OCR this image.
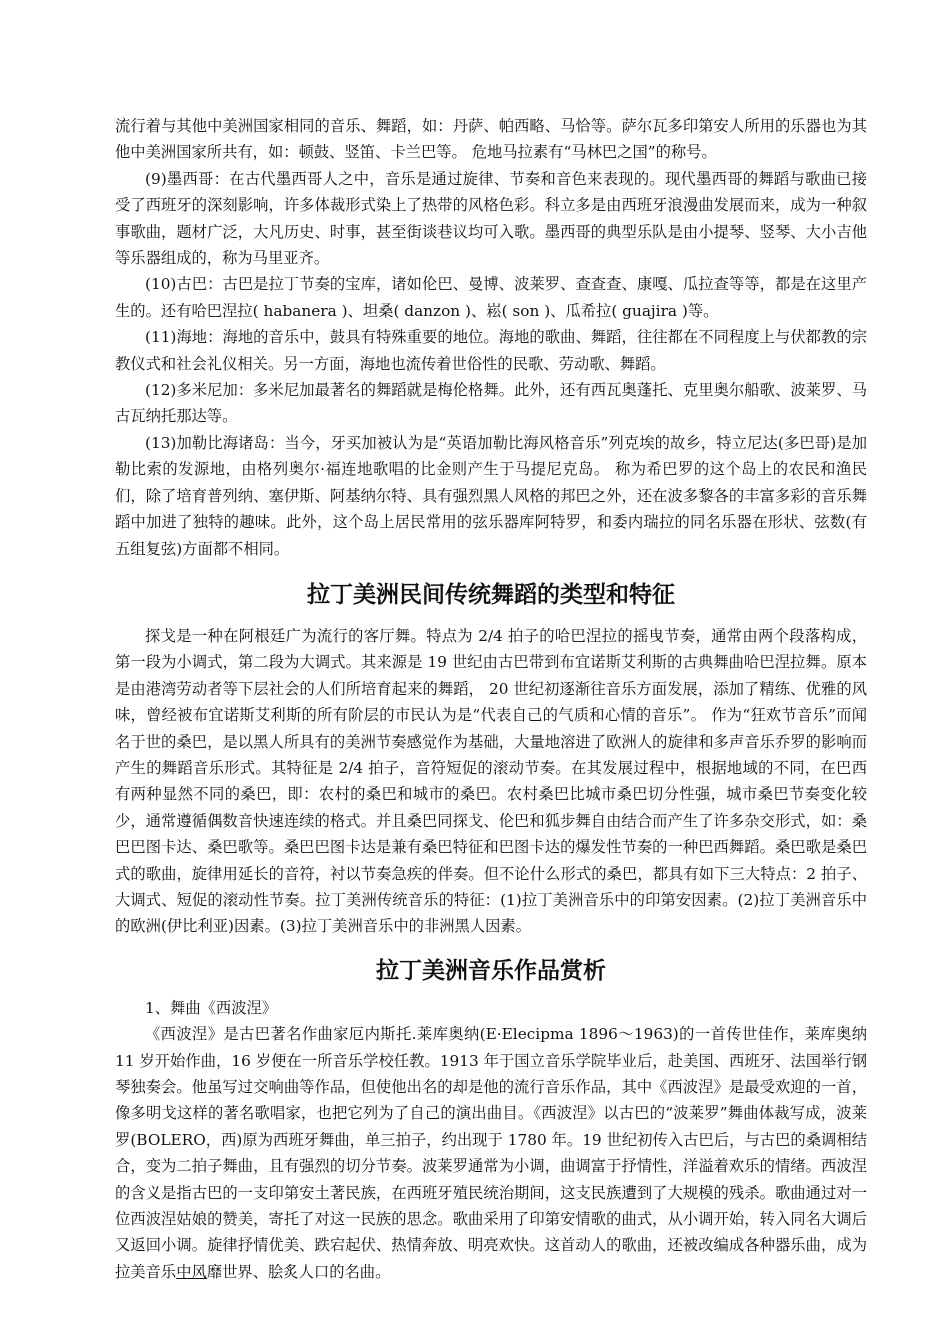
流行着与其他中美洲国家相同的音乐、舞蹈，如：丹萨、帕西略、马恰等。萨尔瓦多印第安人所用的乐器也为其他中美洲国家所共有，如：顿鼓、竖笛、卡兰巴等。 危地马拉素有“马林巴之国”的称号。

(9)墨西哥：在古代墨西哥人之中，音乐是通过旋律、节奏和音色来表现的。现代墨西哥的舞蹈与歌曲已接受了西班牙的深刻影响，许多体裁形式染上了热带的风格色彩。科立多是由西班牙浪漫曲发展而来，成为一种叙事歌曲，题材广泛，大凡历史、时事，甚至街谈巷议均可入歌。墨西哥的典型乐队是由小提琴、竖琴、大小吉他等乐器组成的，称为马里亚齐。

(10)古巴：古巴是拉丁节奏的宝库，诸如伦巴、曼博、波莱罗、查查查、康嘎、瓜拉查等等，都是在这里产生的。还有哈巴涅拉( habanera )、坦桑( danzon )、崧( son )、瓜希拉( guajira )等。

(11)海地：海地的音乐中，鼓具有特殊重要的地位。海地的歌曲、舞蹈，往往都在不同程度上与伏都教的宗教仪式和社会礼仪相关。另一方面，海地也流传着世俗性的民歌、劳动歌、舞蹈。

(12)多米尼加：多米尼加最著名的舞蹈就是梅伦格舞。此外，还有西瓦奥蓬托、克里奥尔船歌、波莱罗、马古瓦纳托那达等。

(13)加勒比海诸岛：当今，牙买加被认为是“英语加勒比海风格音乐”列克埃的故乡，特立尼达(多巴哥)是加勒比索的发源地，由格列奥尔·福连地歌唱的比金则产生于马提尼克岛。 称为希巴罗的这个岛上的农民和渔民们，除了培育普列纳、塞伊斯、阿基纳尔特、具有强烈黑人风格的邦巴之外，还在波多黎各的丰富多彩的音乐舞蹈中加进了独特的趣味。此外，这个岛上居民常用的弦乐器库阿特罗，和委内瑞拉的同名乐器在形状、弦数(有五组复弦)方面都不相同。

拉丁美洲民间传统舞蹈的类型和特征

探戈是一种在阿根廷广为流行的客厅舞。特点为 2/4 拍子的哈巴涅拉的摇曳节奏，通常由两个段落构成，第一段为小调式，第二段为大调式。其来源是 19 世纪由古巴带到布宜诺斯艾利斯的古典舞曲哈巴涅拉舞。原本是由港湾劳动者等下层社会的人们所培育起来的舞蹈， 20 世纪初逐渐往音乐方面发展，添加了精练、优雅的风味，曾经被布宜诺斯艾利斯的所有阶层的市民认为是“代表自己的气质和心情的音乐”。 作为“狂欢节音乐”而闻名于世的桑巴，是以黑人所具有的美洲节奏感觉作为基础，大量地溶进了欧洲人的旋律和多声音乐乔罗的影响而产生的舞蹈音乐形式。其特征是 2/4 拍子，音符短促的滚动节奏。在其发展过程中，根据地域的不同，在巴西有两种显然不同的桑巴，即：农村的桑巴和城市的桑巴。农村桑巴比城市桑巴切分性强，城市桑巴节奏变化较少，通常遵循偶数音快速连续的格式。并且桑巴同探戈、伦巴和狐步舞自由结合而产生了许多杂交形式，如：桑巴巴图卡达、桑巴歌等。桑巴巴图卡达是兼有桑巴特征和巴图卡达的爆发性节奏的一种巴西舞蹈。桑巴歌是桑巴式的歌曲，旋律用延长的音符，衬以节奏急疾的伴奏。但不论什么形式的桑巴，都具有如下三大特点：2 拍子、大调式、短促的滚动性节奏。拉丁美洲传统音乐的特征：(1)拉丁美洲音乐中的印第安因素。(2)拉丁美洲音乐中的欧洲(伊比利亚)因素。(3)拉丁美洲音乐中的非洲黑人因素。

拉丁美洲音乐作品赏析

1、舞曲《西波涅》

《西波涅》是古巴著名作曲家厄内斯托.莱库奥纳(E·Elecipma 1896～1963)的一首传世佳作，莱库奥纳 11 岁开始作曲，16 岁便在一所音乐学校任教。1913 年于国立音乐学院毕业后，赴美国、西班牙、法国举行钢琴独奏会。他虽写过交响曲等作品，但使他出名的却是他的流行音乐作品，其中《西波涅》是最受欢迎的一首，像多明戈这样的著名歌唱家，也把它列为了自己的演出曲目。《西波涅》以古巴的“波莱罗”舞曲体裁写成，波莱罗(BOLERO，西)原为西班牙舞曲，单三拍子，约出现于 1780 年。19 世纪初传入古巴后，与古巴的桑调相结合，变为二拍子舞曲，且有强烈的切分节奏。波莱罗通常为小调，曲调富于抒情性，洋溢着欢乐的情绪。西波涅的含义是指古巴的一支印第安土著民族，在西班牙殖民统治期间，这支民族遭到了大规模的残杀。歌曲通过对一位西波涅姑娘的赞美，寄托了对这一民族的思念。歌曲采用了印第安情歌的曲式，从小调开始，转入同名大调后又返回小调。旋律抒情优美、跌宕起伏、热情奔放、明亮欢快。这首动人的歌曲，还被改编成各种器乐曲，成为拉美音乐中风靡世界、脍炙人口的名曲。
